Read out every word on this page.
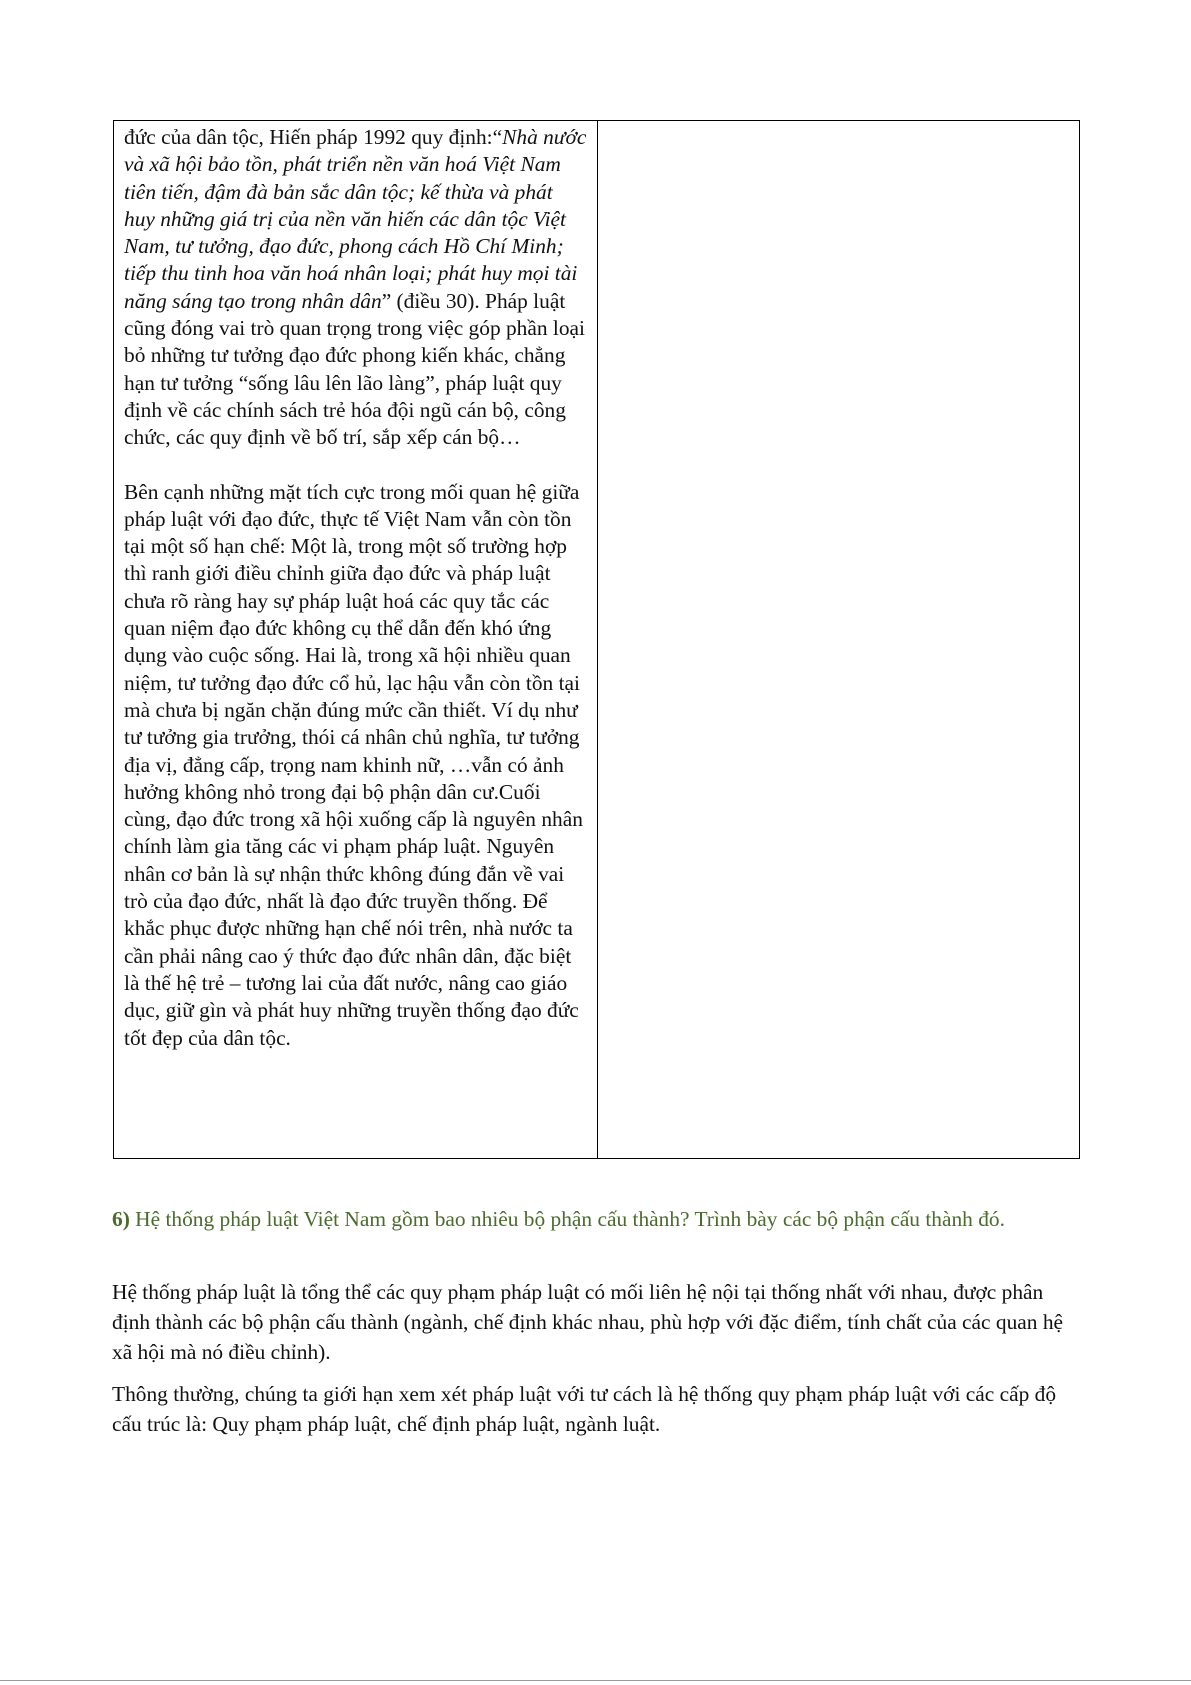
đức của dân tộc, Hiến pháp 1992 quy định:“Nhà nước và xã hội bảo tồn, phát triển nền văn hoá Việt Nam tiên tiến, đậm đà bản sắc dân tộc; kế thừa và phát huy những giá trị của nền văn hiến các dân tộc Việt Nam, tư tưởng, đạo đức, phong cách Hồ Chí Minh; tiếp thu tinh hoa văn hoá nhân loại; phát huy mọi tài năng sáng tạo trong nhân dân” (điều 30). Pháp luật cũng đóng vai trò quan trọng trong việc góp phần loại bỏ những tư tưởng đạo đức phong kiến khác, chẳng hạn tư tưởng “sống lâu lên lão làng”, pháp luật quy định về các chính sách trẻ hóa đội ngũ cán bộ, công chức, các quy định về bố trí, sắp xếp cán bộ…

Bên cạnh những mặt tích cực trong mối quan hệ giữa pháp luật với đạo đức, thực tế Việt Nam vẫn còn tồn tại một số hạn chế: Một là, trong một số trường hợp thì ranh giới điều chỉnh giữa đạo đức và pháp luật chưa rõ ràng hay sự pháp luật hoá các quy tắc các quan niệm đạo đức không cụ thể dẫn đến khó ứng dụng vào cuộc sống. Hai là, trong xã hội nhiều quan niệm, tư tưởng đạo đức cổ hủ, lạc hậu vẫn còn tồn tại mà chưa bị ngăn chặn đúng mức cần thiết. Ví dụ như tư tưởng gia trưởng, thói cá nhân chủ nghĩa, tư tưởng địa vị, đẳng cấp, trọng nam khinh nữ, …vẫn có ảnh hưởng không nhỏ trong đại bộ phận dân cư.Cuối cùng, đạo đức trong xã hội xuống cấp là nguyên nhân chính làm gia tăng các vi phạm pháp luật. Nguyên nhân cơ bản là sự nhận thức không đúng đắn về vai trò của đạo đức, nhất là đạo đức truyền thống. Để khắc phục được những hạn chế nói trên, nhà nước ta cần phải nâng cao ý thức đạo đức nhân dân, đặc biệt là thế hệ trẻ – tương lai của đất nước, nâng cao giáo dục, giữ gìn và phát huy những truyền thống đạo đức tốt đẹp của dân tộc.

6) Hệ thống pháp luật Việt Nam gồm bao nhiêu bộ phận cấu thành? Trình bày các bộ phận cấu thành đó.

Hệ thống pháp luật là tổng thể các quy phạm pháp luật có mối liên hệ nội tại thống nhất với nhau, được phân định thành các bộ phận cấu thành (ngành, chế định khác nhau, phù hợp với đặc điểm, tính chất của các quan hệ xã hội mà nó điều chỉnh).

Thông thường, chúng ta giới hạn xem xét pháp luật với tư cách là hệ thống quy phạm pháp luật với các cấp độ cấu trúc là: Quy phạm pháp luật, chế định pháp luật, ngành luật.
